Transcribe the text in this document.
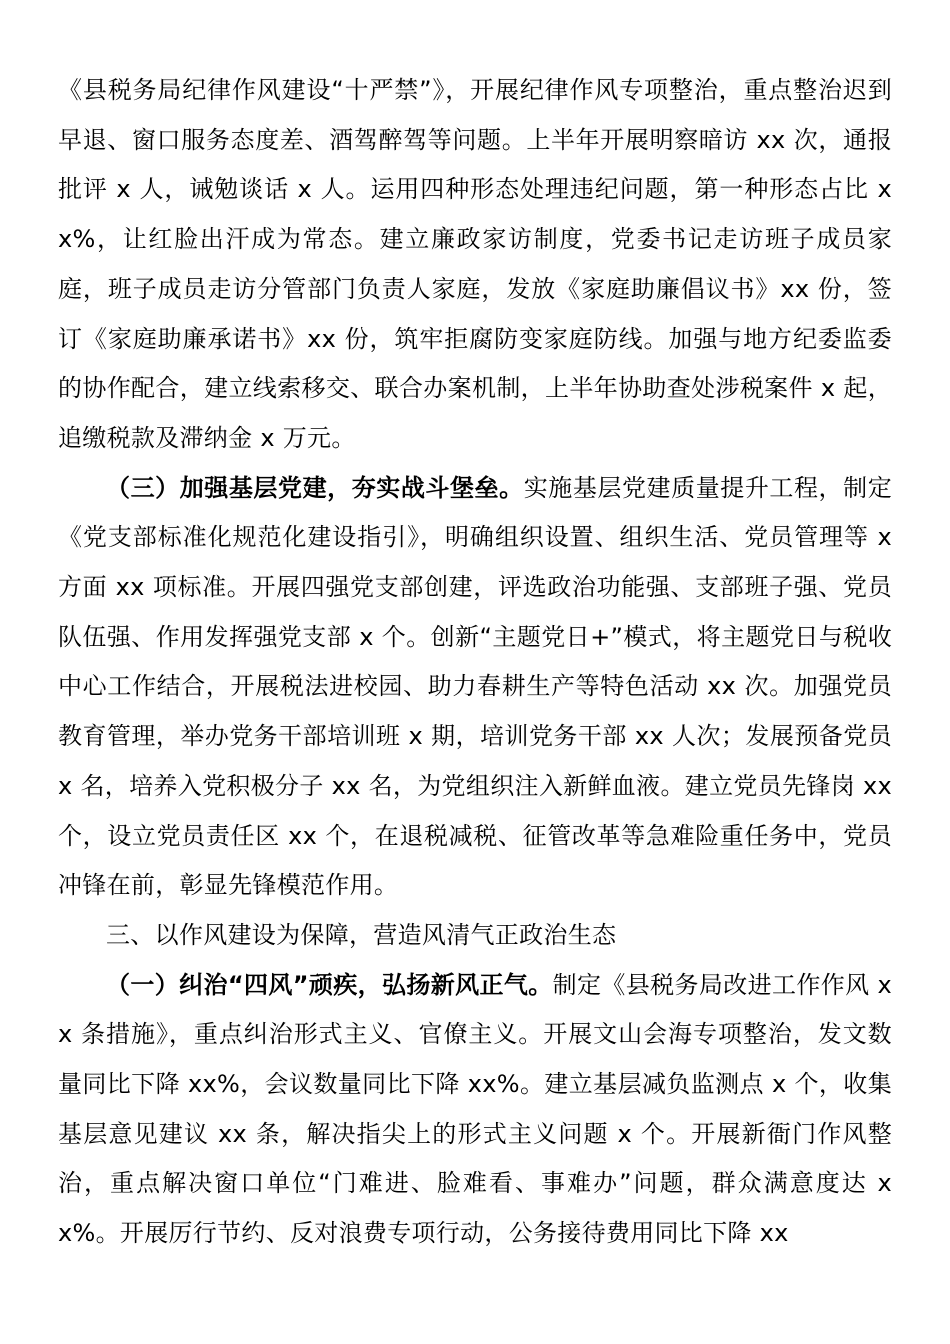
《县税务局纪律作风建设“十严禁”》，开展纪律作风专项整治，重点整治迟到早退、窗口服务态度差、酒驾醉驾等问题。上半年开展明察暗访 xx 次，通报批评 x 人，诫勉谈话 x 人。运用四种形态处理违纪问题，第一种形态占比 xx%，让红脸出汗成为常态。建立廉政家访制度，党委书记走访班子成员家庭，班子成员走访分管部门负责人家庭，发放《家庭助廉倡议书》xx 份，签订《家庭助廉承诺书》xx 份，筑牢拒腐防变家庭防线。加强与地方纪委监委的协作配合，建立线索移交、联合办案机制，上半年协助查处涉税案件 x 起，追缴税款及滞纳金 x 万元。

（三）加强基层党建，夯实战斗堡垒。实施基层党建质量提升工程，制定《党支部标准化规范化建设指引》，明确组织设置、组织生活、党员管理等 x 方面 xx 项标准。开展四强党支部创建，评选政治功能强、支部班子强、党员队伍强、作用发挥强党支部 x 个。创新“主题党日+”模式，将主题党日与税收中心工作结合，开展税法进校园、助力春耕生产等特色活动 xx 次。加强党员教育管理，举办党务干部培训班 x 期，培训党务干部 xx 人次；发展预备党员 x 名，培养入党积极分子 xx 名，为党组织注入新鲜血液。建立党员先锋岗 xx 个，设立党员责任区 xx 个，在退税减税、征管改革等急难险重任务中，党员冲锋在前，彰显先锋模范作用。

三、以作风建设为保障，营造风清气正政治生态

（一）纠治“四风”顽疾，弘扬新风正气。制定《县税务局改进工作作风 xx 条措施》，重点纠治形式主义、官僚主义。开展文山会海专项整治，发文数量同比下降 xx%，会议数量同比下降 xx%。建立基层减负监测点 x 个，收集基层意见建议 xx 条，解决指尖上的形式主义问题 x 个。开展新衙门作风整治，重点解决窗口单位“门难进、脸难看、事难办”问题，群众满意度达 xx%。开展厉行节约、反对浪费专项行动，公务接待费用同比下降 xx
